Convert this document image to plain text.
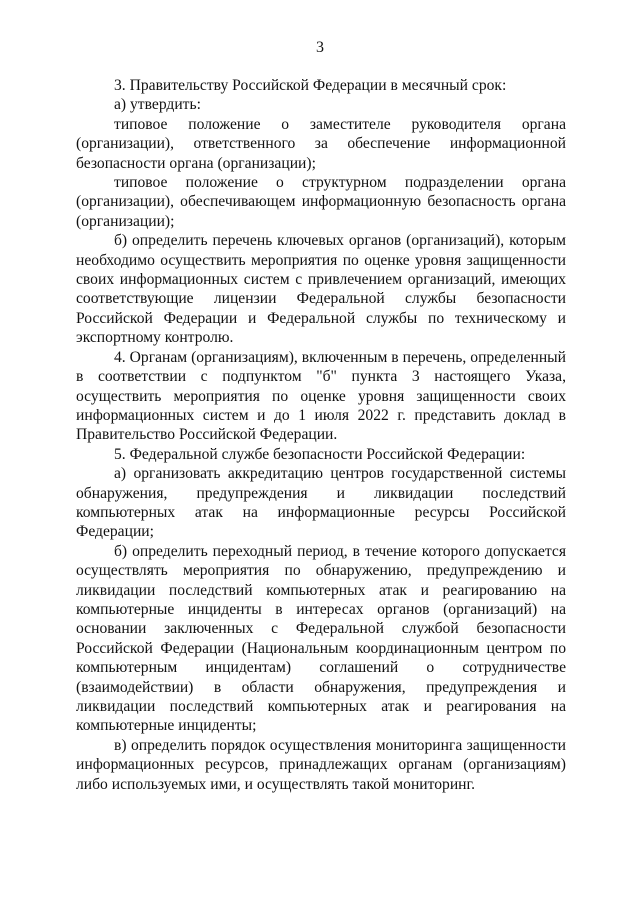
3

3. Правительству Российской Федерации в месячный срок:

а) утвердить:

типовое положение о заместителе руководителя органа (организации), ответственного за обеспечение информационной безопасности органа (организации);

типовое положение о структурном подразделении органа (организации), обеспечивающем информационную безопасность органа (организации);

б) определить перечень ключевых органов (организаций), которым необходимо осуществить мероприятия по оценке уровня защищенности своих информационных систем с привлечением организаций, имеющих соответствующие лицензии Федеральной службы безопасности Российской Федерации и Федеральной службы по техническому и экспортному контролю.

4. Органам (организациям), включенным в перечень, определенный в соответствии с подпунктом "б" пункта 3 настоящего Указа, осуществить мероприятия по оценке уровня защищенности своих информационных систем и до 1 июля 2022 г. представить доклад в Правительство Российской Федерации.

5. Федеральной службе безопасности Российской Федерации:

а) организовать аккредитацию центров государственной системы обнаружения, предупреждения и ликвидации последствий компьютерных атак на информационные ресурсы Российской Федерации;

б) определить переходный период, в течение которого допускается осуществлять мероприятия по обнаружению, предупреждению и ликвидации последствий компьютерных атак и реагированию на компьютерные инциденты в интересах органов (организаций) на основании заключенных с Федеральной службой безопасности Российской Федерации (Национальным координационным центром по компьютерным инцидентам) соглашений о сотрудничестве (взаимодействии) в области обнаружения, предупреждения и ликвидации последствий компьютерных атак и реагирования на компьютерные инциденты;

в) определить порядок осуществления мониторинга защищенности информационных ресурсов, принадлежащих органам (организациям) либо используемых ими, и осуществлять такой мониторинг.
